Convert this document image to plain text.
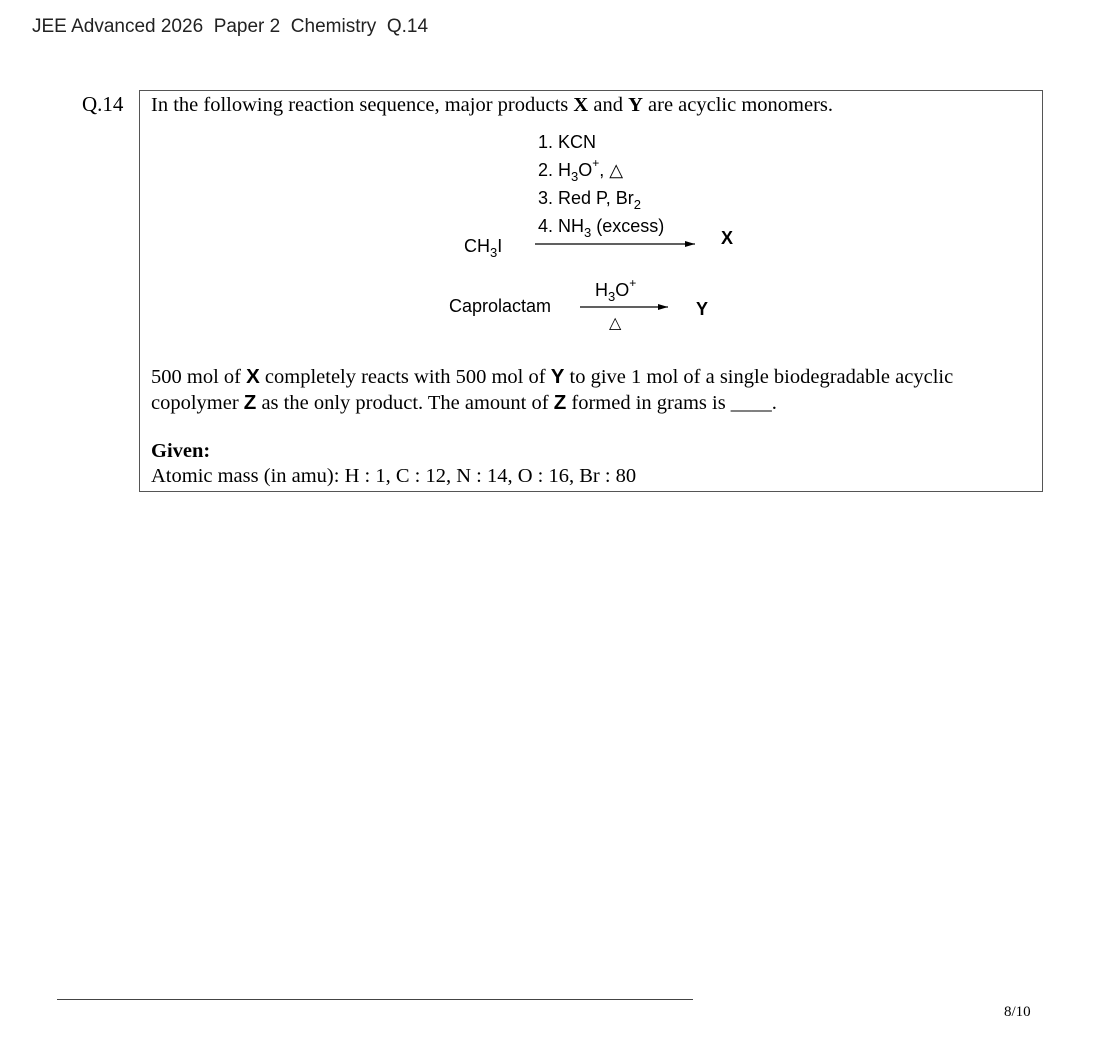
JEE Advanced 2026  Paper 2  Chemistry  Q.14
Q.14 In the following reaction sequence, major products X and Y are acyclic monomers.
1. KCN
2. $H_3O^+$, △
3. Red P, $Br_2$
4. $NH_3$ (excess)
$CH_3I$	X
$H_3O^+$
Caprolactam
△
Y
500 mol of X completely reacts with 500 mol of Y to give 1 mol of a single biodegradable acyclic copolymer Z as the only product. The amount of Z formed in grams is ____.
Given:
Atomic mass (in amu): H : 1, C : 12, N : 14, O : 16, Br : 80
8/10
